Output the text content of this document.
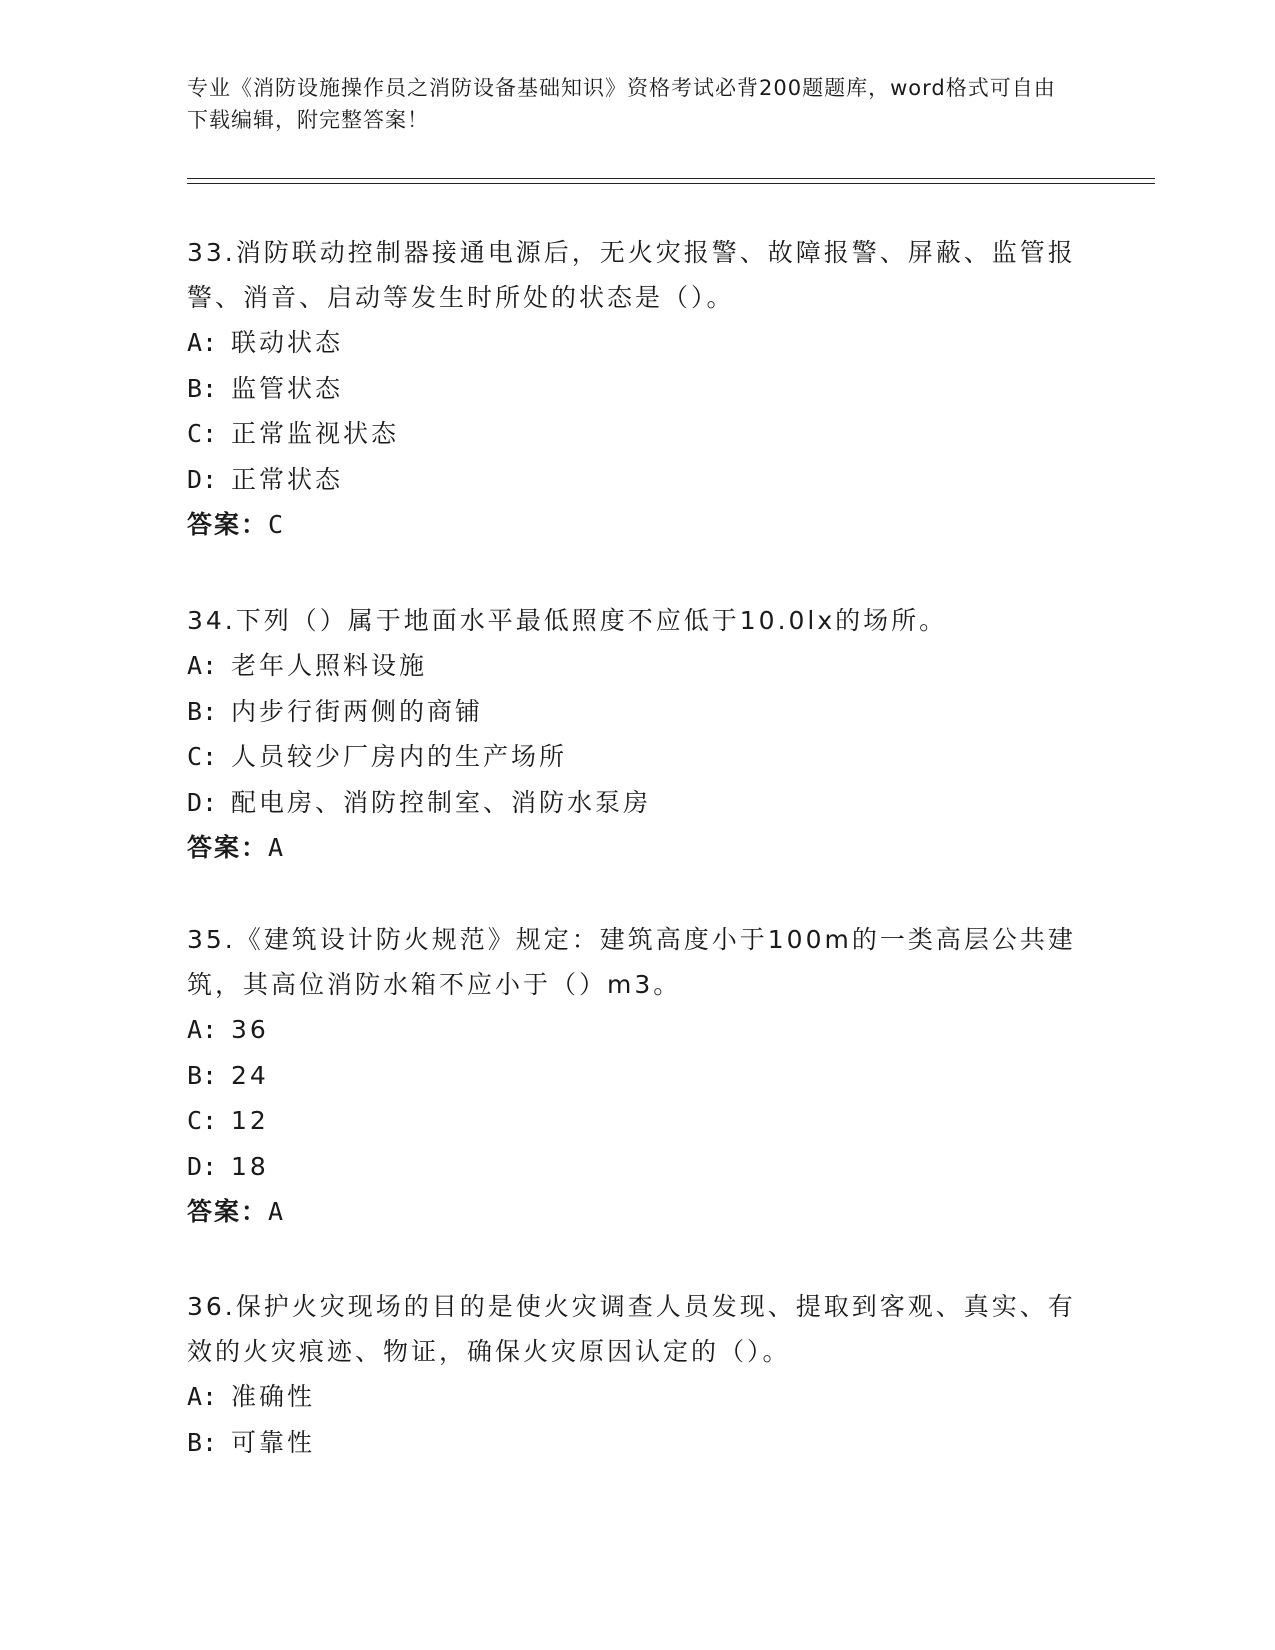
专业《消防设施操作员之消防设备基础知识》资格考试必背200题题库，word格式可自由下载编辑，附完整答案！

33.消防联动控制器接通电源后，无火灾报警、故障报警、屏蔽、监管报警、消音、启动等发生时所处的状态是（）。

A: 联动状态

B: 监管状态

C: 正常监视状态

D: 正常状态

答案：C

34.下列（）属于地面水平最低照度不应低于10.0lx的场所。

A: 老年人照料设施

B: 内步行街两侧的商铺

C: 人员较少厂房内的生产场所

D: 配电房、消防控制室、消防水泵房

答案：A

35.《建筑设计防火规范》规定：建筑高度小于100m的一类高层公共建筑，其高位消防水箱不应小于（）m3。

A: 36

B: 24

C: 12

D: 18

答案：A

36.保护火灾现场的目的是使火灾调查人员发现、提取到客观、真实、有效的火灾痕迹、物证，确保火灾原因认定的（）。

A: 准确性

B: 可靠性
